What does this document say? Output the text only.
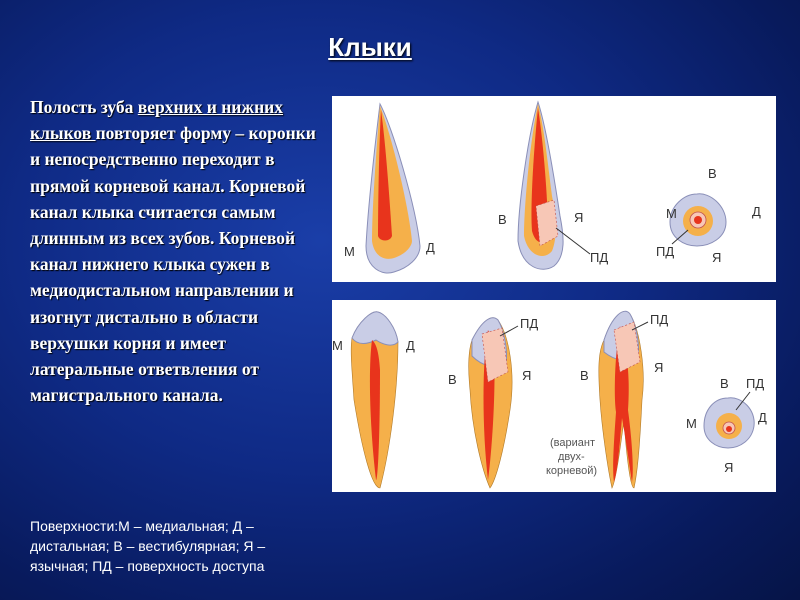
Клыки
Полость зуба верхних и нижних клыков повторяет форму – коронки и непосредственно переходит в прямой корневой канал. Корневой канал клыка считается самым длинным из всех зубов. Корневой канал нижнего клыка сужен в медиодистальном направлении и изогнут дистально в области верхушки корня и имеет латеральные ответвления от магистрального канала.
Поверхности:М – медиальная; Д – дистальная; В – вестибулярная; Я – язычная; ПД – поверхность доступа
М	Д
В	Я
ПД
В
М	Д
ПД	Я
М	Д
ПД
В	Я
ПД
В
Я
(вариант
двух-
корневой)
В ПД
М	Д
Я
